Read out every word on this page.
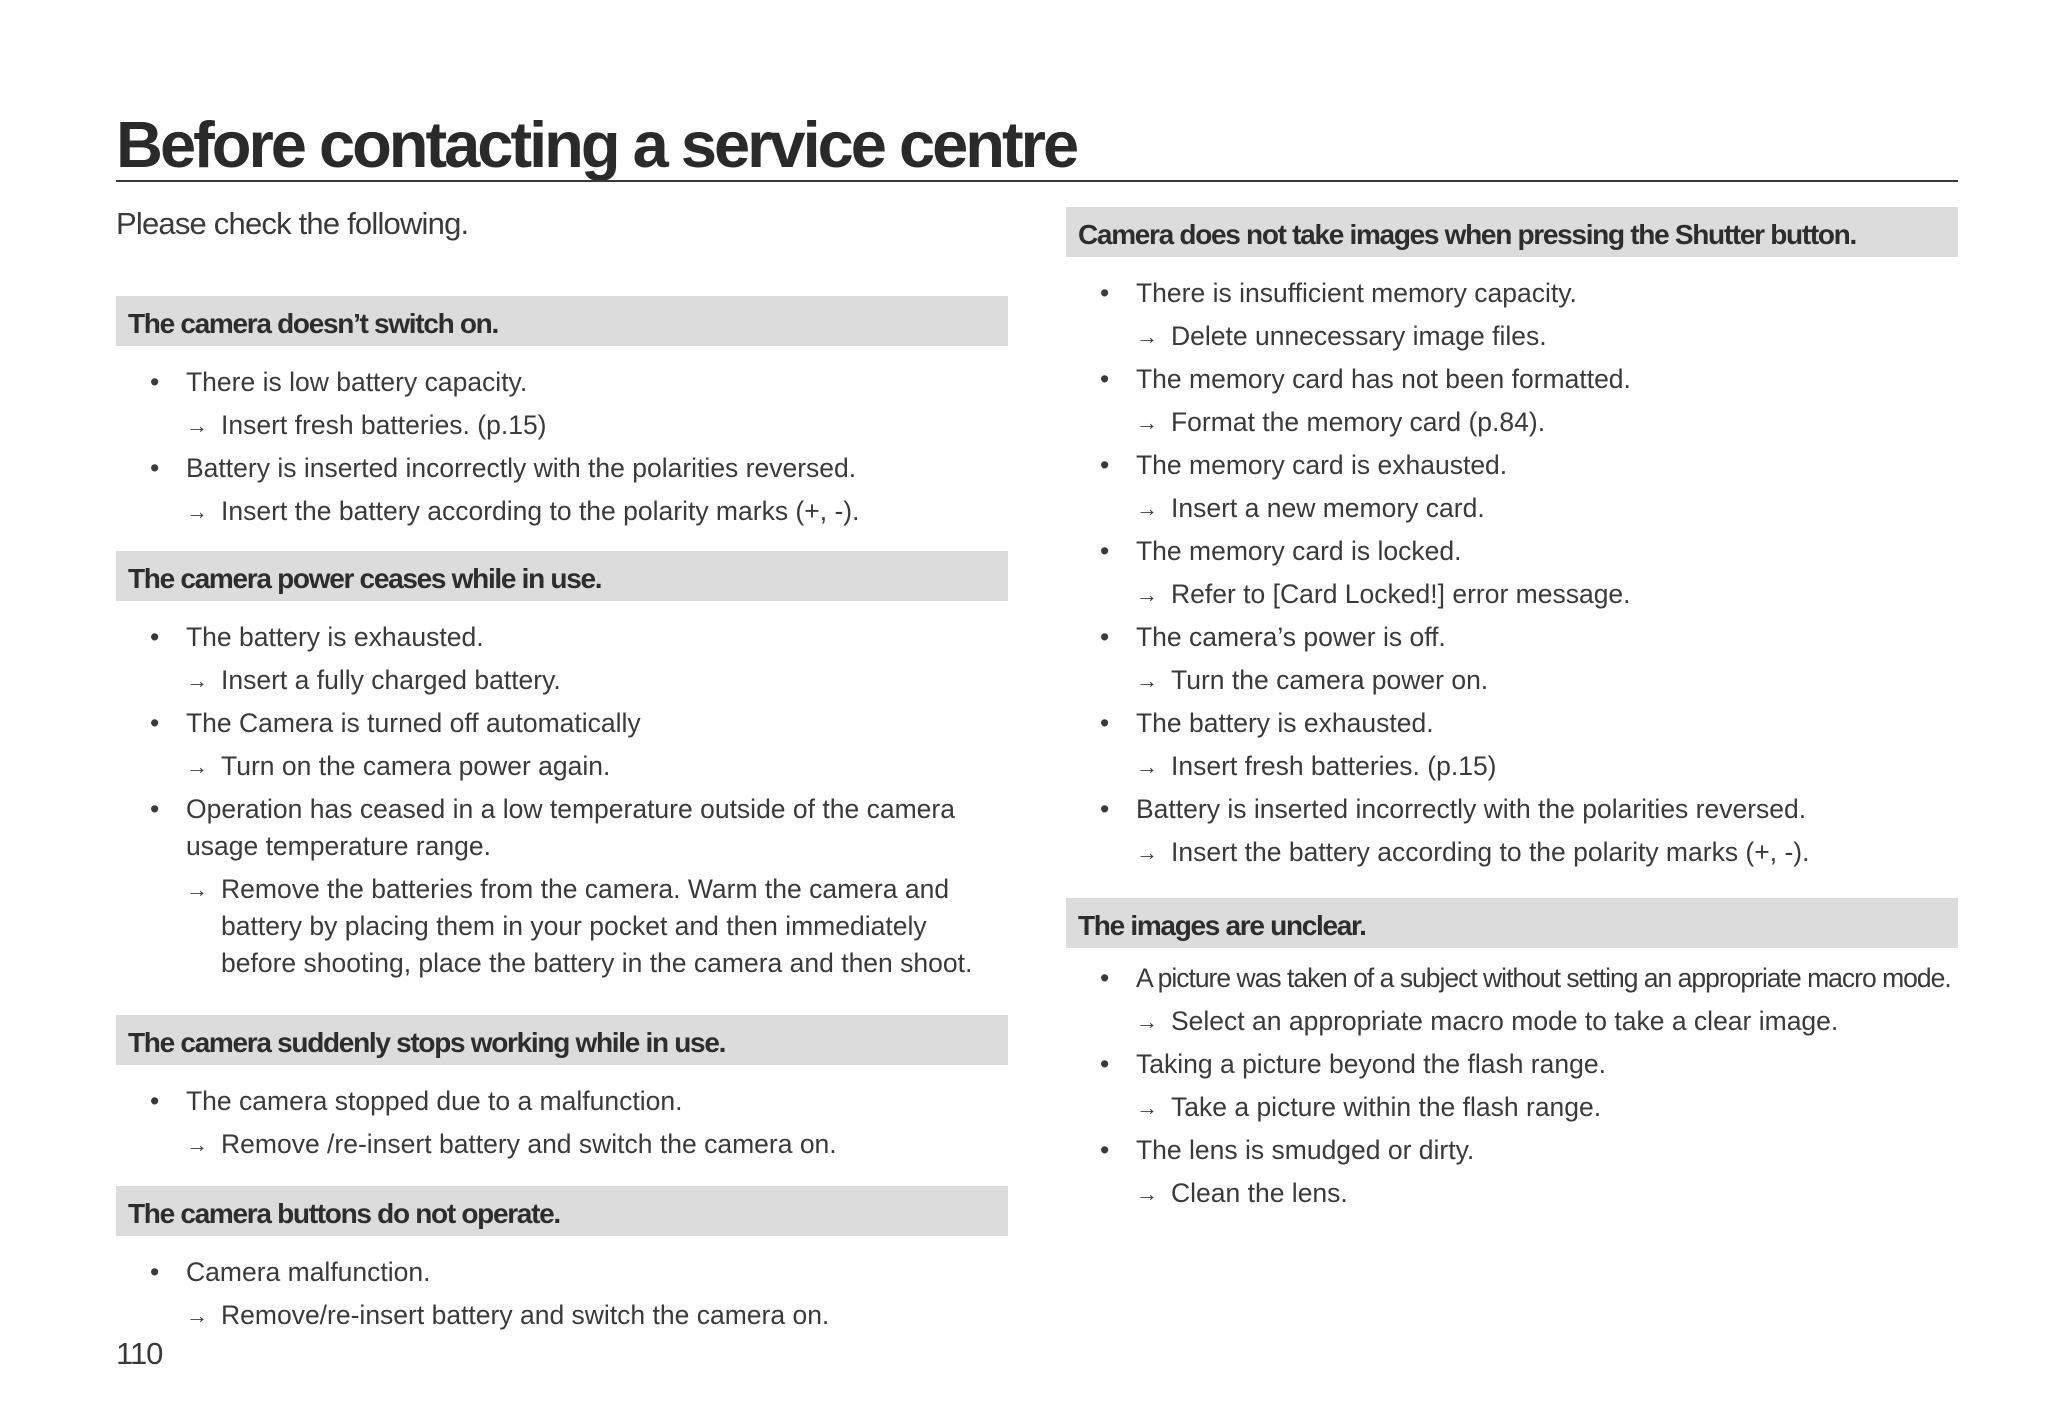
Before contacting a service centre

Please check the following.

The camera doesn’t switch on.
• There is low battery capacity.
→ Insert fresh batteries. (p.15)
• Battery is inserted incorrectly with the polarities reversed.
→ Insert the battery according to the polarity marks (+, -).
The camera power ceases while in use.
• The battery is exhausted.
→ Insert a fully charged battery.
• The Camera is turned off automatically
→ Turn on the camera power again.
• Operation has ceased in a low temperature outside of the camera usage temperature range.
→ Remove the batteries from the camera. Warm the camera and battery by placing them in your pocket and then immediately before shooting, place the battery in the camera and then shoot.
The camera suddenly stops working while in use.
• The camera stopped due to a malfunction.
→ Remove /re-insert battery and switch the camera on.
The camera buttons do not operate.
• Camera malfunction.
→ Remove/re-insert battery and switch the camera on.
Camera does not take images when pressing the Shutter button.
• There is insufficient memory capacity.
→ Delete unnecessary image files.
• The memory card has not been formatted.
→ Format the memory card (p.84).
• The memory card is exhausted.
→ Insert a new memory card.
• The memory card is locked.
→ Refer to [Card Locked!] error message.
• The camera’s power is off.
→ Turn the camera power on.
• The battery is exhausted.
→ Insert fresh batteries. (p.15)
• Battery is inserted incorrectly with the polarities reversed.
→ Insert the battery according to the polarity marks (+, -).
The images are unclear.
• A picture was taken of a subject without setting an appropriate macro mode.
→ Select an appropriate macro mode to take a clear image.
• Taking a picture beyond the flash range.
→ Take a picture within the flash range.
• The lens is smudged or dirty.
→ Clean the lens.
110
